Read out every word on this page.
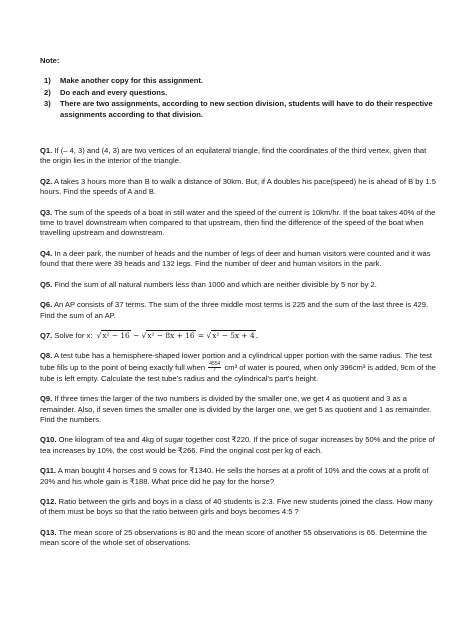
Note:
1)	Make another copy for this assignment.
2)	Do each and every questions.
3)	There are two assignments, according to new section division, students will have to do their respective assignments according to that division.

Q1. If (– 4, 3) and (4, 3) are two vertices of an equilateral triangle, find the coordinates of the third vertex, given that the origin lies in the interior of the triangle.

Q2. A takes 3 hours more than B to walk a distance of 30km. But, if A doubles his pace(speed) he is ahead of B by 1.5 hours. Find the speeds of A and B.

Q3. The sum of the speeds of a boat in still water and the speed of the current is 10km/hr. If the boat takes 40% of the time to travel downstream when compared to that upstream, then find the difference of the speed of the boat when travelling upstream and downstream.

Q4. In a deer park, the number of heads and the number of legs of deer and human visitors were counted and it was found that there were 39 heads and 132 legs. Find the number of deer and human visitors in the park.

Q5. Find the sum of all natural numbers less than 1000 and which are neither divisible by 5 nor by 2.

Q6. An AP consists of 37 terms. The sum of the three middle most terms is 225 and the sum of the last three is 429. Find the sum of an AP.

Q7. Solve for x: √x² − 16 − √x² − 8x + 16 = √x² − 5x + 4.

Q8. A test tube has a hemisphere-shaped lower portion and a cylindrical upper portion with the same radius. The test tube fills up to the point of being exactly full when $\frac{4554}{7} cm^3$ of water is poured, when only 396cm³ is added, 9cm of the tube is left empty. Calculate the test tube's radius and the cylindrical's part's height.

Q9. If three times the larger of the two numbers is divided by the smaller one, we get 4 as quotient and 3 as a remainder. Also, if seven times the smaller one is divided by the larger one, we get 5 as quotient and 1 as remainder. Find the numbers.

Q10. One kilogram of tea and 4kg of sugar together cost ₹220. If the price of sugar increases by 50% and the price of tea increases by 10%, the cost would be ₹266. Find the original cost per kg of each.

Q11. A man bought 4 horses and 9 cows for ₹1340. He sells the horses at a profit of 10% and the cows at a profit of 20% and his whole gain is ₹188. What price did he pay for the horse?

Q12. Ratio between the girls and boys in a class of 40 students is 2:3. Five new students joined the class. How many of them must be boys so that the ratio between girls and boys becomes 4:5 ?

Q13. The mean score of 25 observations is 80 and the mean score of another 55 observations is 65. Determine the mean score of the whole set of observations.
